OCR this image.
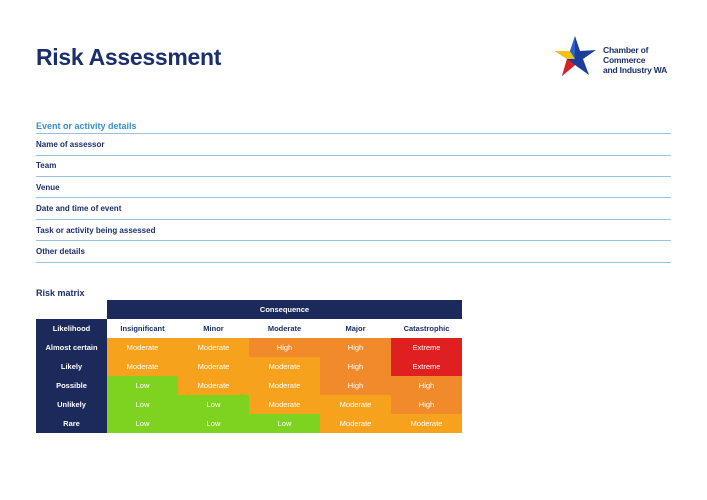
Risk Assessment	Chamber of Commerce
and Industry WA
Event or activity details
Name of assessor
Team
Venue
Date and time of event
Task or activity being assessed
Other details
Risk matrix
	Consequence				
Likelihood	Insignificant	Minor	Moderate	Major	Catastrophic
Almost certain	Moderate	Moderate	High	High	Extreme
Likely	Moderate	Moderate	Moderate	High	Extreme
Possible	Low	Moderate	Moderate	High	High
Unlikely	Low	Low	Moderate	Moderate	High
Rare	Low	Low	Low	Moderate	Moderate
